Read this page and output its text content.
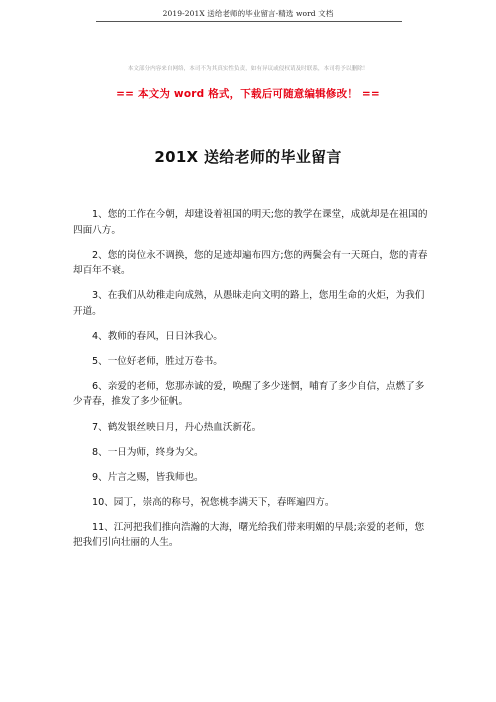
2019-201X 送给老师的毕业留言-精选 word 文档
本文部分内容来自网络，本司不为其真实性负责，如有异议或侵权请及时联系，本司将予以删除！
== 本文为 word 格式，下载后可随意编辑修改！ ==
201X 送给老师的毕业留言

1、您的工作在今朝，却建设着祖国的明天;您的教学在课堂，成就却是在祖国的四面八方。

2、您的岗位永不调换，您的足迹却遍布四方;您的两鬓会有一天斑白，您的青春却百年不衰。

3、在我们从幼稚走向成熟，从愚昧走向文明的路上，您用生命的火炬，为我们开道。

4、教师的春风，日日沐我心。

5、一位好老师，胜过万卷书。

6、亲爱的老师，您那赤诚的爱，唤醒了多少迷惘，哺育了多少自信，点燃了多少青春，推发了多少征帆。

7、鹤发银丝映日月，丹心热血沃新花。

8、一日为师，终身为父。

9、片言之赐，皆我师也。

10、园丁，崇高的称号，祝您桃李满天下，春晖遍四方。

11、江河把我们推向浩瀚的大海，曙光给我们带来明媚的早晨;亲爱的老师，您把我们引向壮丽的人生。
